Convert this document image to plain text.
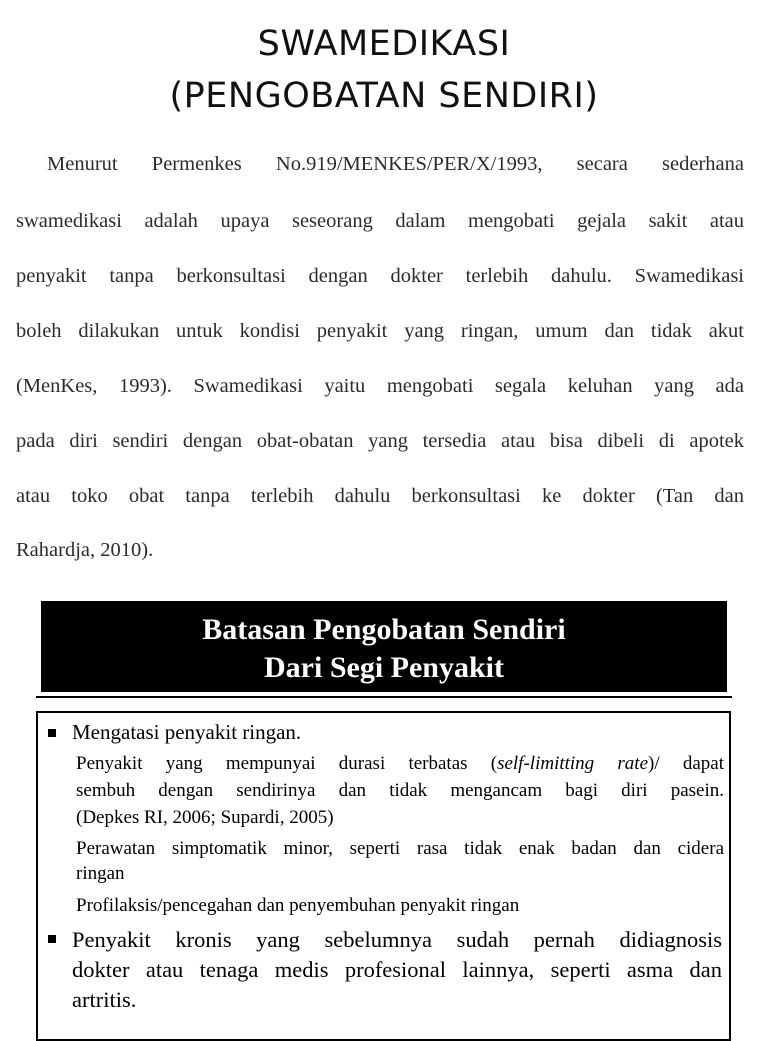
SWAMEDIKASI
(PENGOBATAN SENDIRI)
Menurut Permenkes No.919/MENKES/PER/X/1993, secara sederhana
swamedikasi adalah upaya seseorang dalam mengobati gejala sakit atau
penyakit tanpa berkonsultasi dengan dokter terlebih dahulu. Swamedikasi
boleh dilakukan untuk kondisi penyakit yang ringan, umum dan tidak akut
(MenKes, 1993). Swamedikasi yaitu mengobati segala keluhan yang ada
pada diri sendiri dengan obat-obatan yang tersedia atau bisa dibeli di apotek
atau toko obat tanpa terlebih dahulu berkonsultasi ke dokter (Tan dan
Rahardja, 2010).
Batasan Pengobatan Sendiri
Dari Segi Penyakit
Mengatasi penyakit ringan.
Penyakit yang mempunyai durasi terbatas (self-limitting rate)/ dapat
sembuh dengan sendirinya dan tidak mengancam bagi diri pasein.
(Depkes RI, 2006; Supardi, 2005)
Perawatan simptomatik minor, seperti rasa tidak enak badan dan cidera
ringan
Profilaksis/pencegahan dan penyembuhan penyakit ringan
Penyakit kronis yang sebelumnya sudah pernah didiagnosis
dokter atau tenaga medis profesional lainnya, seperti asma dan
artritis.
